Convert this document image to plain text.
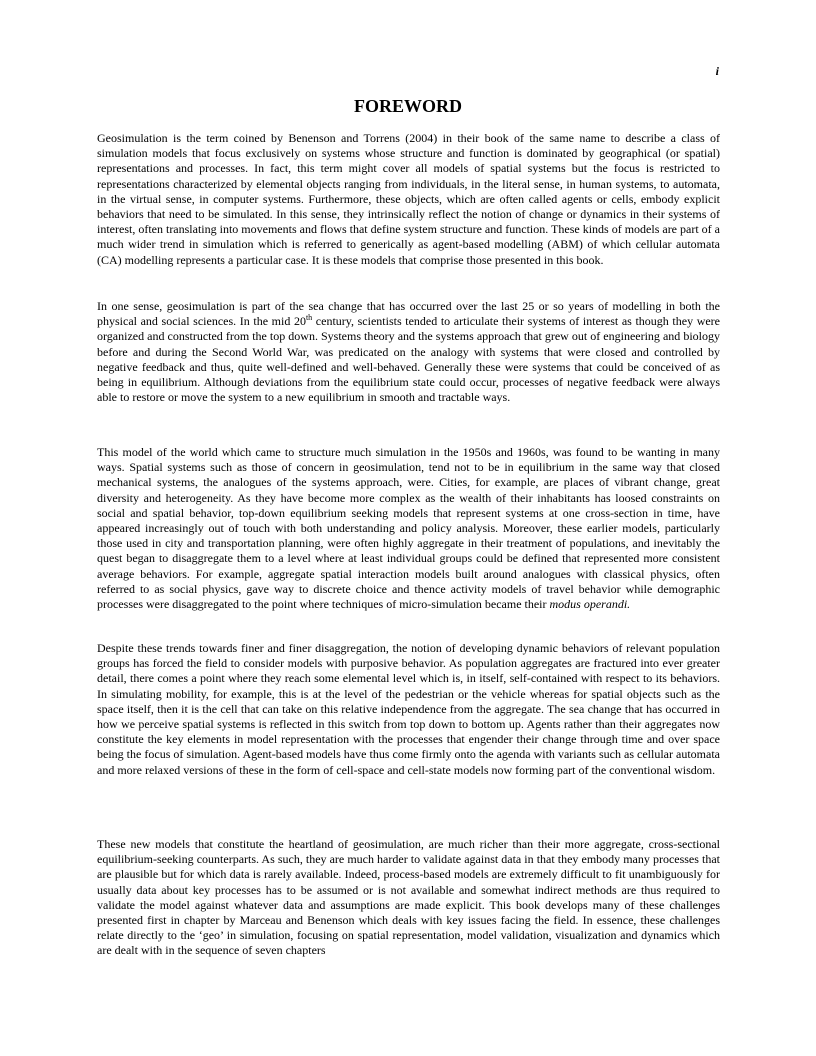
i
FOREWORD

Geosimulation is the term coined by Benenson and Torrens (2004) in their book of the same name to describe a class of simulation models that focus exclusively on systems whose structure and function is dominated by geographical (or spatial) representations and processes. In fact, this term might cover all models of spatial systems but the focus is restricted to representations characterized by elemental objects ranging from individuals, in the literal sense, in human systems, to automata, in the virtual sense, in computer systems. Furthermore, these objects, which are often called agents or cells, embody explicit behaviors that need to be simulated. In this sense, they intrinsically reflect the notion of change or dynamics in their systems of interest, often translating into movements and flows that define system structure and function. These kinds of models are part of a much wider trend in simulation which is referred to generically as agent-based modelling (ABM) of which cellular automata (CA) modelling represents a particular case. It is these models that comprise those presented in this book.

In one sense, geosimulation is part of the sea change that has occurred over the last 25 or so years of modelling in both the physical and social sciences. In the mid 20th century, scientists tended to articulate their systems of interest as though they were organized and constructed from the top down. Systems theory and the systems approach that grew out of engineering and biology before and during the Second World War, was predicated on the analogy with systems that were closed and controlled by negative feedback and thus, quite well-defined and well-behaved. Generally these were systems that could be conceived of as being in equilibrium. Although deviations from the equilibrium state could occur, processes of negative feedback were always able to restore or move the system to a new equilibrium in smooth and tractable ways.

This model of the world which came to structure much simulation in the 1950s and 1960s, was found to be wanting in many ways. Spatial systems such as those of concern in geosimulation, tend not to be in equilibrium in the same way that closed mechanical systems, the analogues of the systems approach, were. Cities, for example, are places of vibrant change, great diversity and heterogeneity. As they have become more complex as the wealth of their inhabitants has loosed constraints on social and spatial behavior, top-down equilibrium seeking models that represent systems at one cross-section in time, have appeared increasingly out of touch with both understanding and policy analysis. Moreover, these earlier models, particularly those used in city and transportation planning, were often highly aggregate in their treatment of populations, and inevitably the quest began to disaggregate them to a level where at least individual groups could be defined that represented more consistent average behaviors. For example, aggregate spatial interaction models built around analogues with classical physics, often referred to as social physics, gave way to discrete choice and thence activity models of travel behavior while demographic processes were disaggregated to the point where techniques of micro-simulation became their modus operandi.

Despite these trends towards finer and finer disaggregation, the notion of developing dynamic behaviors of relevant population groups has forced the field to consider models with purposive behavior. As population aggregates are fractured into ever greater detail, there comes a point where they reach some elemental level which is, in itself, self-contained with respect to its behaviors. In simulating mobility, for example, this is at the level of the pedestrian or the vehicle whereas for spatial objects such as the space itself, then it is the cell that can take on this relative independence from the aggregate. The sea change that has occurred in how we perceive spatial systems is reflected in this switch from top down to bottom up. Agents rather than their aggregates now constitute the key elements in model representation with the processes that engender their change through time and over space being the focus of simulation. Agent-based models have thus come firmly onto the agenda with variants such as cellular automata and more relaxed versions of these in the form of cell-space and cell-state models now forming part of the conventional wisdom.

These new models that constitute the heartland of geosimulation, are much richer than their more aggregate, cross-sectional equilibrium-seeking counterparts. As such, they are much harder to validate against data in that they embody many processes that are plausible but for which data is rarely available. Indeed, process-based models are extremely difficult to fit unambiguously for usually data about key processes has to be assumed or is not available and somewhat indirect methods are thus required to validate the model against whatever data and assumptions are made explicit. This book develops many of these challenges presented first in chapter by Marceau and Benenson which deals with key issues facing the field. In essence, these challenges relate directly to the ‘geo’ in simulation, focusing on spatial representation, model validation, visualization and dynamics which are dealt with in the sequence of seven chapters
